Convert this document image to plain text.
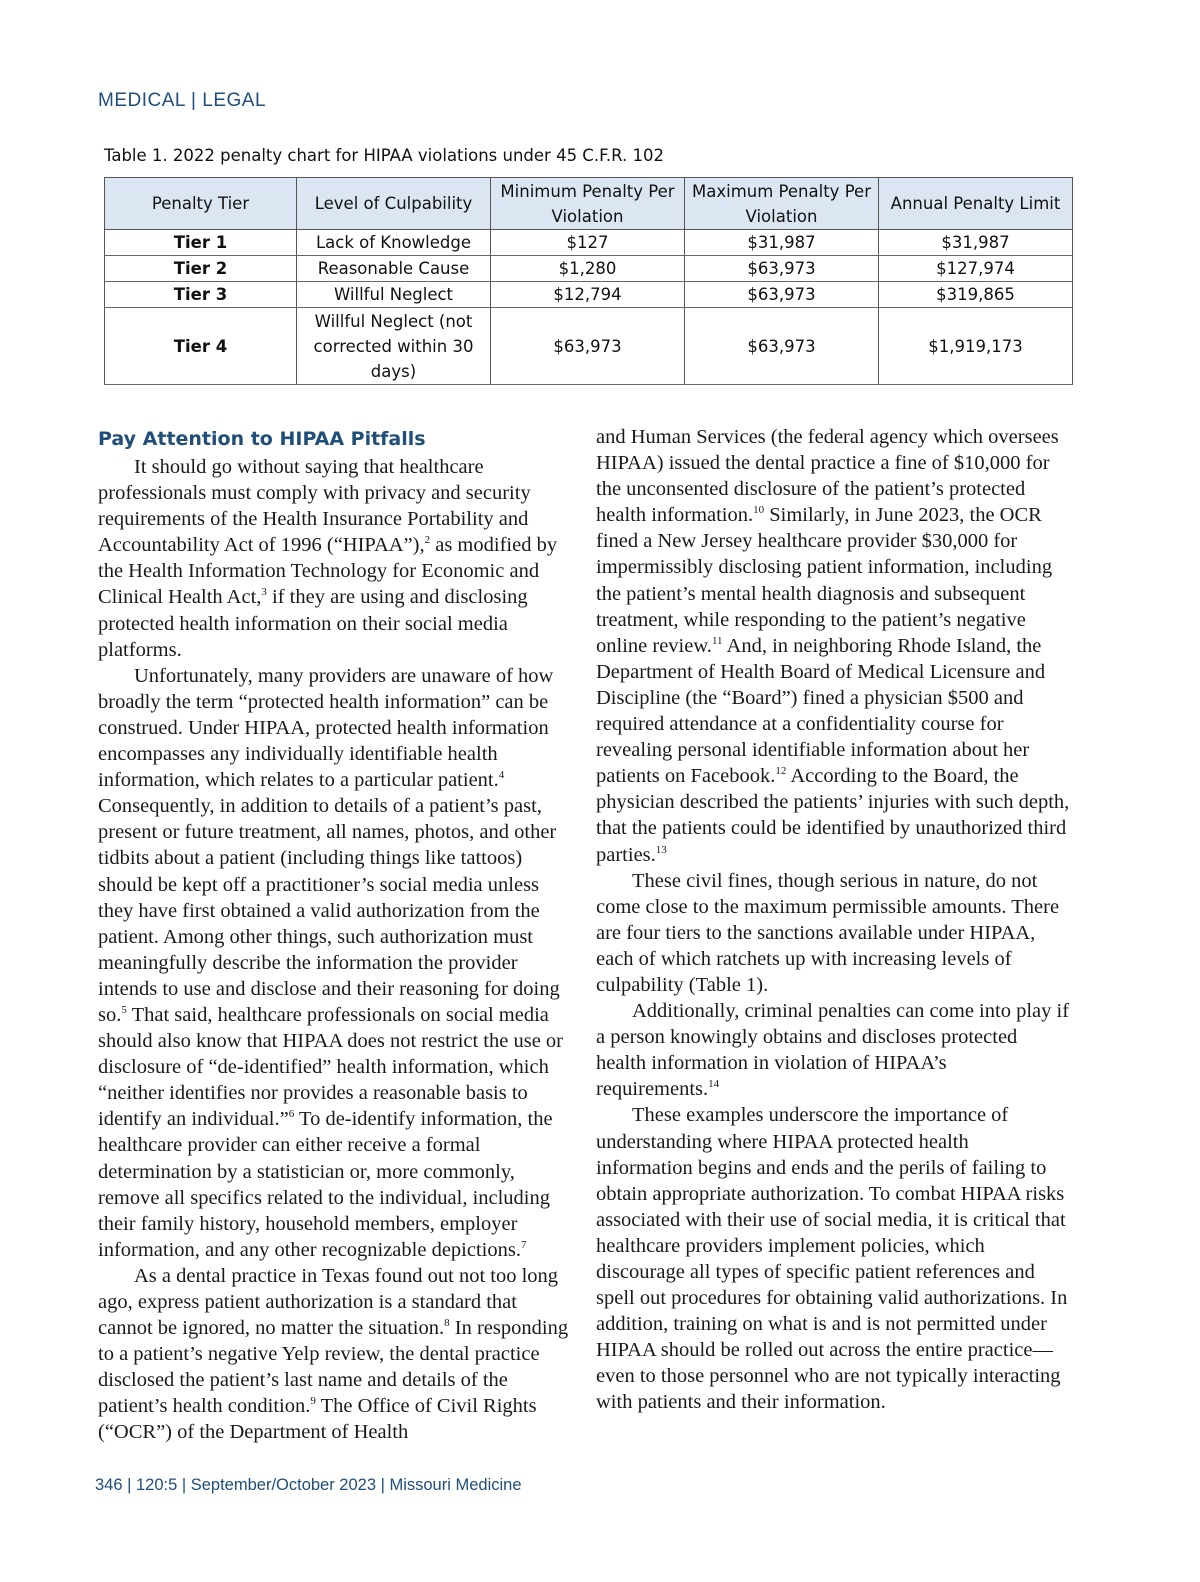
MEDICAL | LEGAL
Table 1. 2022 penalty chart for HIPAA violations under 45 C.F.R. 102
Penalty Tier	Level of Culpability	Minimum Penalty Per Violation	Maximum Penalty Per Violation	Annual Penalty Limit
Tier 1	Lack of Knowledge	$127	$31,987	$31,987
Tier 2	Reasonable Cause	$1,280	$63,973	$127,974
Tier 3	Willful Neglect	$12,794	$63,973	$319,865
Tier 4	Willful Neglect (not corrected within 30 days)	$63,973	$63,973	$1,919,173
Pay Attention to HIPAA Pitfalls

It should go without saying that healthcare professionals must comply with privacy and security requirements of the Health Insurance Portability and Accountability Act of 1996 (“HIPAA”),$^2$ as modified by the Health Information Technology for Economic and Clinical Health Act,$^3$ if they are using and disclosing protected health information on their social media platforms.

Unfortunately, many providers are unaware of how broadly the term “protected health information” can be construed. Under HIPAA, protected health information encompasses any individually identifiable health information, which relates to a particular patient.$^4$ Consequently, in addition to details of a patient’s past, present or future treatment, all names, photos, and other tidbits about a patient (including things like tattoos) should be kept off a practitioner’s social media unless they have first obtained a valid authorization from the patient. Among other things, such authorization must meaningfully describe the information the provider intends to use and disclose and their reasoning for doing so.$^5$ That said, healthcare professionals on social media should also know that HIPAA does not restrict the use or disclosure of “de-identified” health information, which “neither identifies nor provides a reasonable basis to identify an individual.”$^6$ To de-identify information, the healthcare provider can either receive a formal determination by a statistician or, more commonly, remove all specifics related to the individual, including their family history, household members, employer information, and any other recognizable depictions.$^7$

As a dental practice in Texas found out not too long ago, express patient authorization is a standard that cannot be ignored, no matter the situation.$^8$ In responding to a patient’s negative Yelp review, the dental practice disclosed the patient’s last name and details of the patient’s health condition.$^9$ The Office of Civil Rights (“OCR”) of the Department of Health

and Human Services (the federal agency which oversees HIPAA) issued the dental practice a fine of $10,000 for the unconsented disclosure of the patient’s protected health information.$^{10}$ Similarly, in June 2023, the OCR fined a New Jersey healthcare provider $30,000 for impermissibly disclosing patient information, including the patient’s mental health diagnosis and subsequent treatment, while responding to the patient’s negative online review.$^{11}$ And, in neighboring Rhode Island, the Department of Health Board of Medical Licensure and Discipline (the “Board”) fined a physician $500 and required attendance at a confidentiality course for revealing personal identifiable information about her patients on Facebook.$^{12}$ According to the Board, the physician described the patients’ injuries with such depth, that the patients could be identified by unauthorized third parties.$^{13}$

These civil fines, though serious in nature, do not come close to the maximum permissible amounts. There are four tiers to the sanctions available under HIPAA, each of which ratchets up with increasing levels of culpability (Table 1).

Additionally, criminal penalties can come into play if a person knowingly obtains and discloses protected health information in violation of HIPAA’s requirements.$^{14}$

These examples underscore the importance of understanding where HIPAA protected health information begins and ends and the perils of failing to obtain appropriate authorization. To combat HIPAA risks associated with their use of social media, it is critical that healthcare providers implement policies, which discourage all types of specific patient references and spell out procedures for obtaining valid authorizations. In addition, training on what is and is not permitted under HIPAA should be rolled out across the entire practice—even to those personnel who are not typically interacting with patients and their information.

346 | 120:5 | September/October 2023 | Missouri Medicine
